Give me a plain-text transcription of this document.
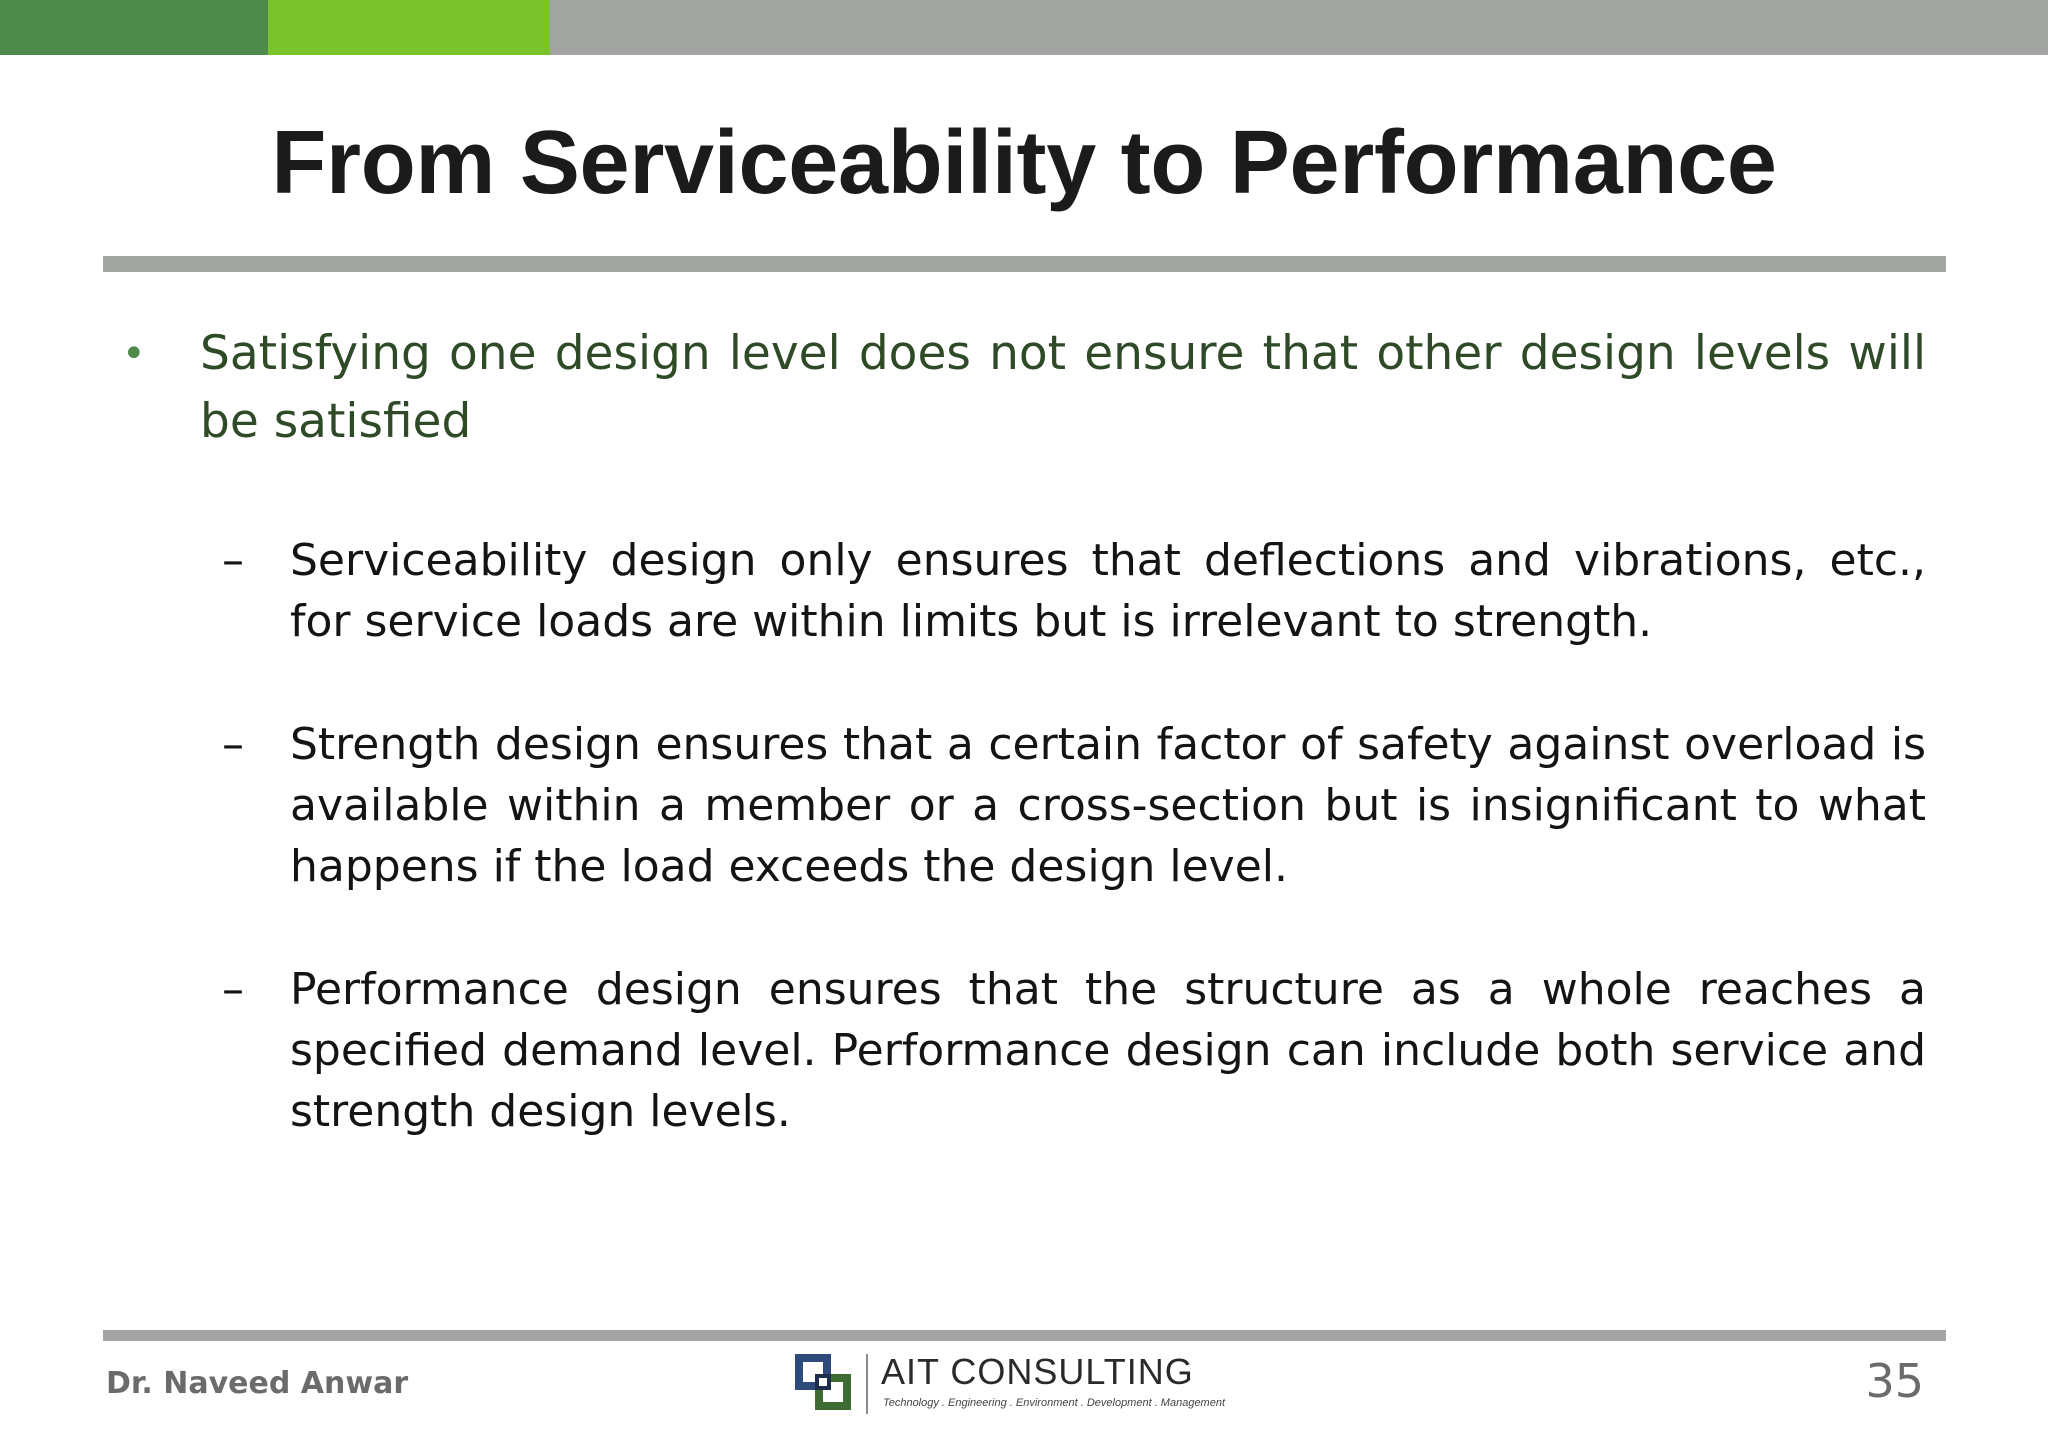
From Serviceability to Performance
• Satisfying one design level does not ensure that other design levels will be satisfied
– Serviceability design only ensures that deflections and vibrations, etc., for service loads are within limits but is irrelevant to strength.
– Strength design ensures that a certain factor of safety against overload is available within a member or a cross-section but is insignificant to what happens if the load exceeds the design level.
– Performance design ensures that the structure as a whole reaches a specified demand level. Performance design can include both service and strength design levels.
Dr. Naveed Anwar	AIT CONSULTING
Technology . Engineering . Environment . Development . Management	35
